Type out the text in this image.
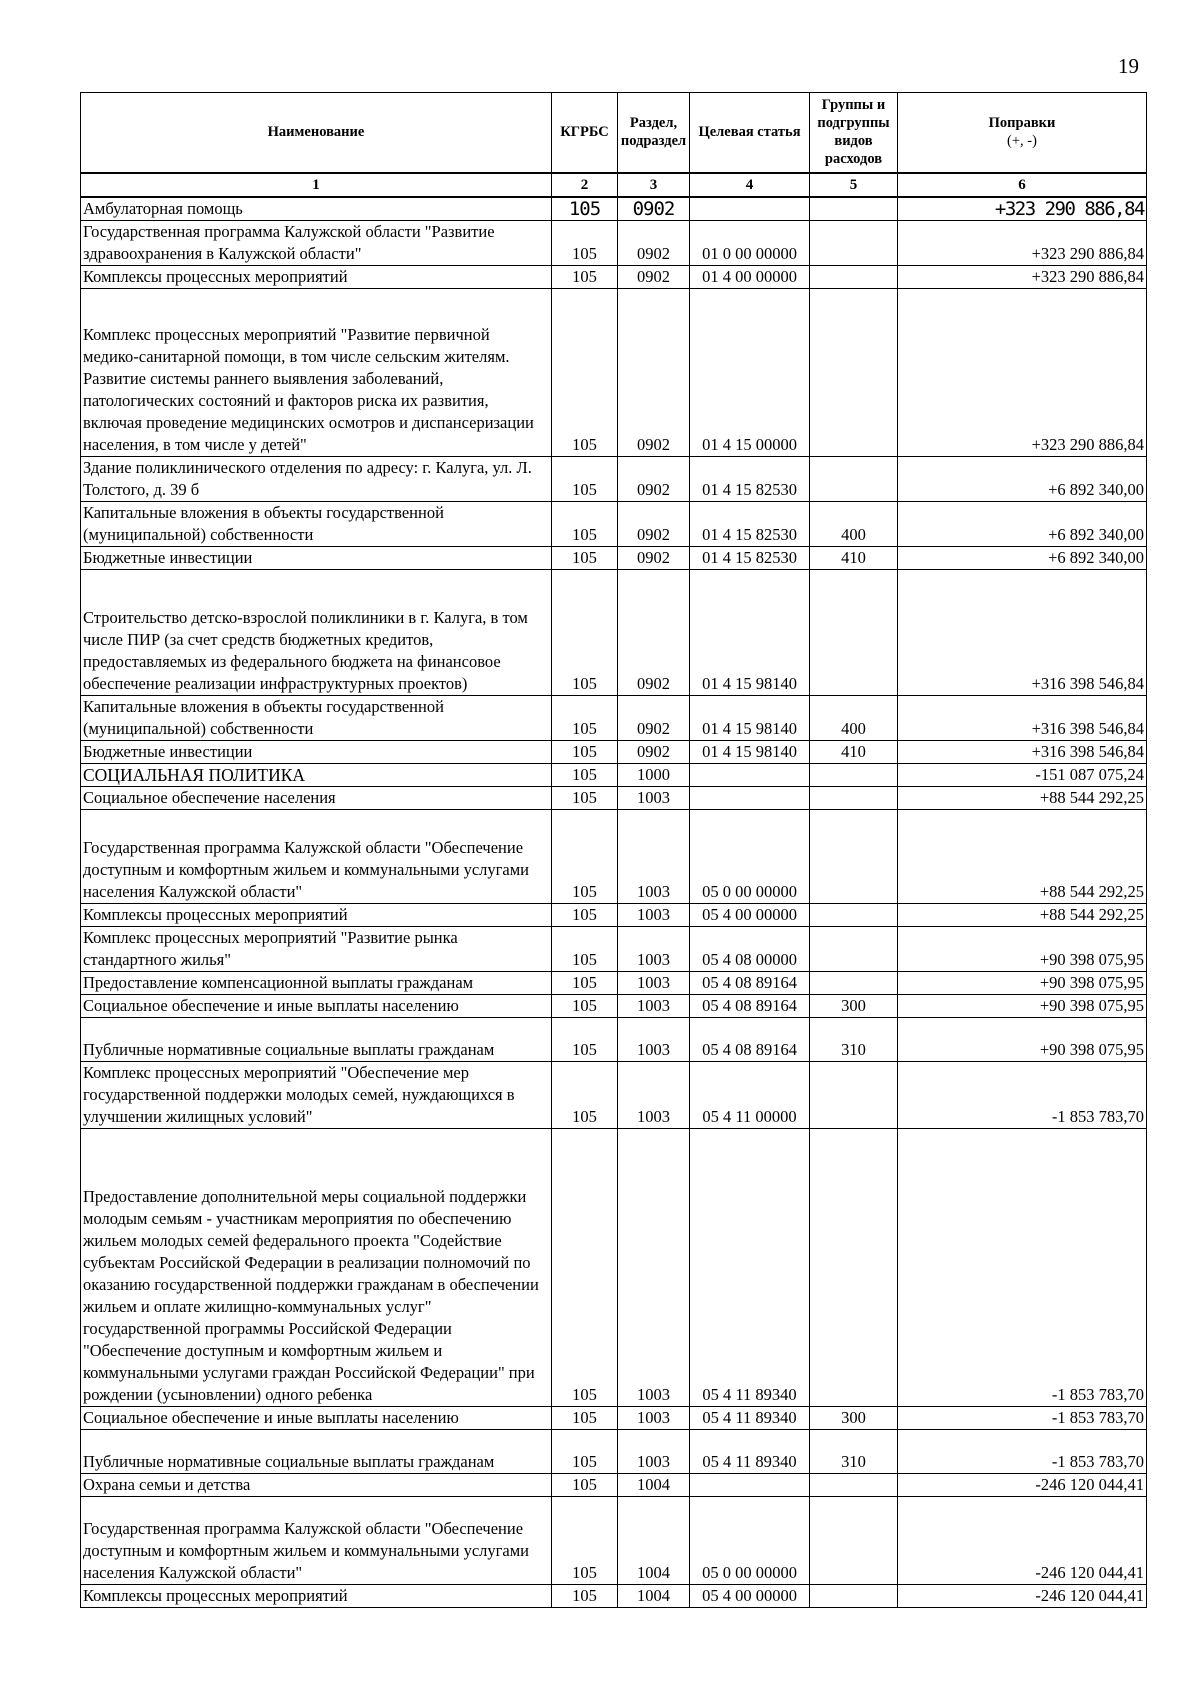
19
Наименование	КГРБС	Раздел, подраздел	Целевая статья	Группы и подгруппы видов расходов	Поправки
(+, -)
1	2	3	4	5	6
Амбулаторная помощь	105	0902			+323 290 886,84
Государственная программа Калужской области "Развитие здравоохранения в Калужской области"	105	0902	01 0 00 00000		+323 290 886,84
Комплексы процессных мероприятий	105	0902	01 4 00 00000		+323 290 886,84
Комплекс процессных мероприятий "Развитие первичной медико-санитарной помощи, в том числе сельским жителям. Развитие системы раннего выявления заболеваний, патологических состояний и факторов риска их развития, включая проведение медицинских осмотров и диспансеризации населения, в том числе у детей"	105	0902	01 4 15 00000		+323 290 886,84
Здание поликлинического отделения по адресу: г. Калуга, ул. Л. Толстого, д. 39 б	105	0902	01 4 15 82530		+6 892 340,00
Капитальные вложения в объекты государственной (муниципальной) собственности	105	0902	01 4 15 82530	400	+6 892 340,00
Бюджетные инвестиции	105	0902	01 4 15 82530	410	+6 892 340,00
Строительство детско-взрослой поликлиники в г. Калуга, в том числе ПИР (за счет средств бюджетных кредитов, предоставляемых из федерального бюджета на финансовое обеспечение реализации инфраструктурных проектов)	105	0902	01 4 15 98140		+316 398 546,84
Капитальные вложения в объекты государственной (муниципальной) собственности	105	0902	01 4 15 98140	400	+316 398 546,84
Бюджетные инвестиции	105	0902	01 4 15 98140	410	+316 398 546,84
СОЦИАЛЬНАЯ ПОЛИТИКА	105	1000			-151 087 075,24
Социальное обеспечение населения	105	1003			+88 544 292,25
Государственная программа Калужской области "Обеспечение доступным и комфортным жильем и коммунальными услугами населения Калужской области"	105	1003	05 0 00 00000		+88 544 292,25
Комплексы процессных мероприятий	105	1003	05 4 00 00000		+88 544 292,25
Комплекс процессных мероприятий "Развитие рынка стандартного жилья"	105	1003	05 4 08 00000		+90 398 075,95
Предоставление компенсационной выплаты гражданам	105	1003	05 4 08 89164		+90 398 075,95
Социальное обеспечение и иные выплаты населению	105	1003	05 4 08 89164	300	+90 398 075,95
Публичные нормативные социальные выплаты гражданам	105	1003	05 4 08 89164	310	+90 398 075,95
Комплекс процессных мероприятий "Обеспечение мер государственной поддержки молодых семей, нуждающихся в улучшении жилищных условий"	105	1003	05 4 11 00000		-1 853 783,70
Предоставление дополнительной меры социальной поддержки молодым семьям - участникам мероприятия по обеспечению жильем молодых семей федерального проекта "Содействие субъектам Российской Федерации в реализации полномочий по оказанию государственной поддержки гражданам в обеспечении жильем и оплате жилищно-коммунальных услуг" государственной программы Российской Федерации "Обеспечение доступным и комфортным жильем и коммунальными услугами граждан Российской Федерации" при рождении (усыновлении) одного ребенка	105	1003	05 4 11 89340		-1 853 783,70
Социальное обеспечение и иные выплаты населению	105	1003	05 4 11 89340	300	-1 853 783,70
Публичные нормативные социальные выплаты гражданам	105	1003	05 4 11 89340	310	-1 853 783,70
Охрана семьи и детства	105	1004			-246 120 044,41
Государственная программа Калужской области "Обеспечение доступным и комфортным жильем и коммунальными услугами населения Калужской области"	105	1004	05 0 00 00000		-246 120 044,41
Комплексы процессных мероприятий	105	1004	05 4 00 00000		-246 120 044,41
